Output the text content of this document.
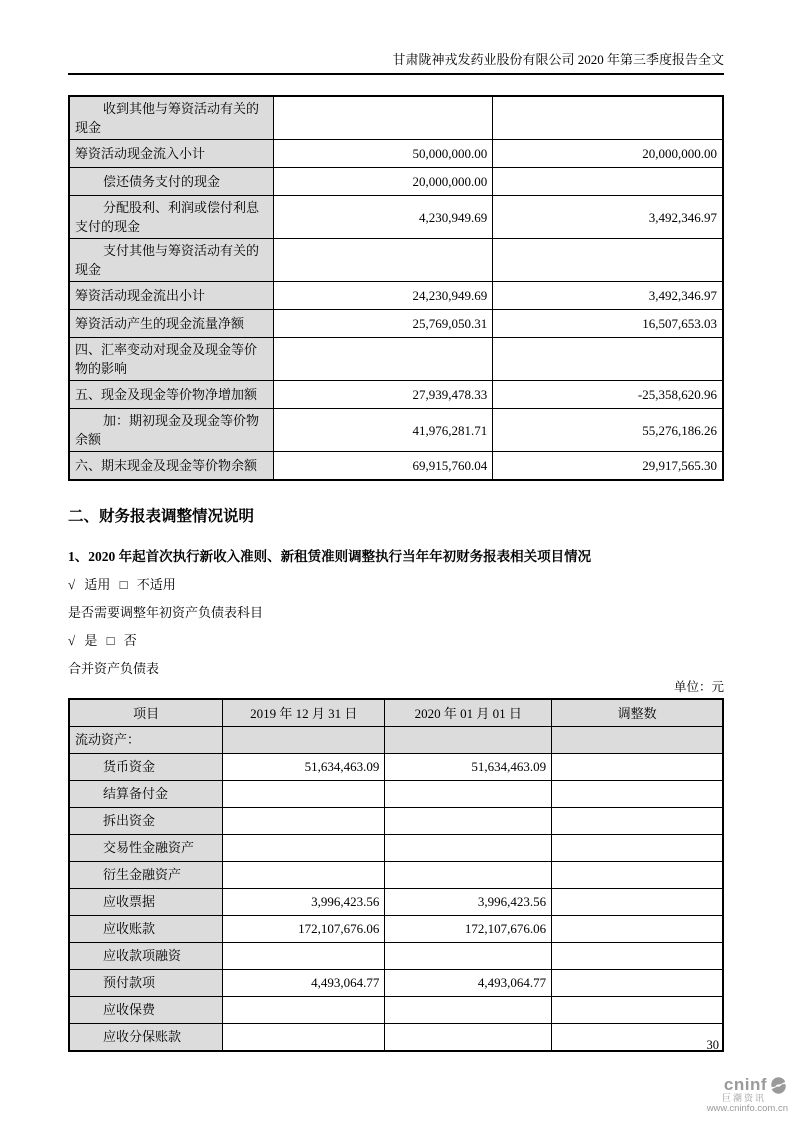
甘肃陇神戎发药业股份有限公司 2020 年第三季度报告全文
收到其他与筹资活动有关的现金		
筹资活动现金流入小计	50,000,000.00	20,000,000.00
偿还债务支付的现金	20,000,000.00	
分配股利、利润或偿付利息支付的现金	4,230,949.69	3,492,346.97
支付其他与筹资活动有关的现金		
筹资活动现金流出小计	24,230,949.69	3,492,346.97
筹资活动产生的现金流量净额	25,769,050.31	16,507,653.03
四、汇率变动对现金及现金等价物的影响		
五、现金及现金等价物净增加额	27,939,478.33	-25,358,620.96
加：期初现金及现金等价物余额	41,976,281.71	55,276,186.26
六、期末现金及现金等价物余额	69,915,760.04	29,917,565.30
二、财务报表调整情况说明
1、2020 年起首次执行新收入准则、新租赁准则调整执行当年年初财务报表相关项目情况
√ 适用 □ 不适用
是否需要调整年初资产负债表科目
√ 是 □ 否
合并资产负债表
单位：元
项目	2019 年 12 月 31 日	2020 年 01 月 01 日	调整数
流动资产：			
货币资金	51,634,463.09	51,634,463.09	
结算备付金			
拆出资金			
交易性金融资产			
衍生金融资产			
应收票据	3,996,423.56	3,996,423.56	
应收账款	172,107,676.06	172,107,676.06	
应收款项融资			
预付款项	4,493,064.77	4,493,064.77	
应收保费			
应收分保账款			
30
cninf
巨潮资讯
www.cninfo.com.cn
